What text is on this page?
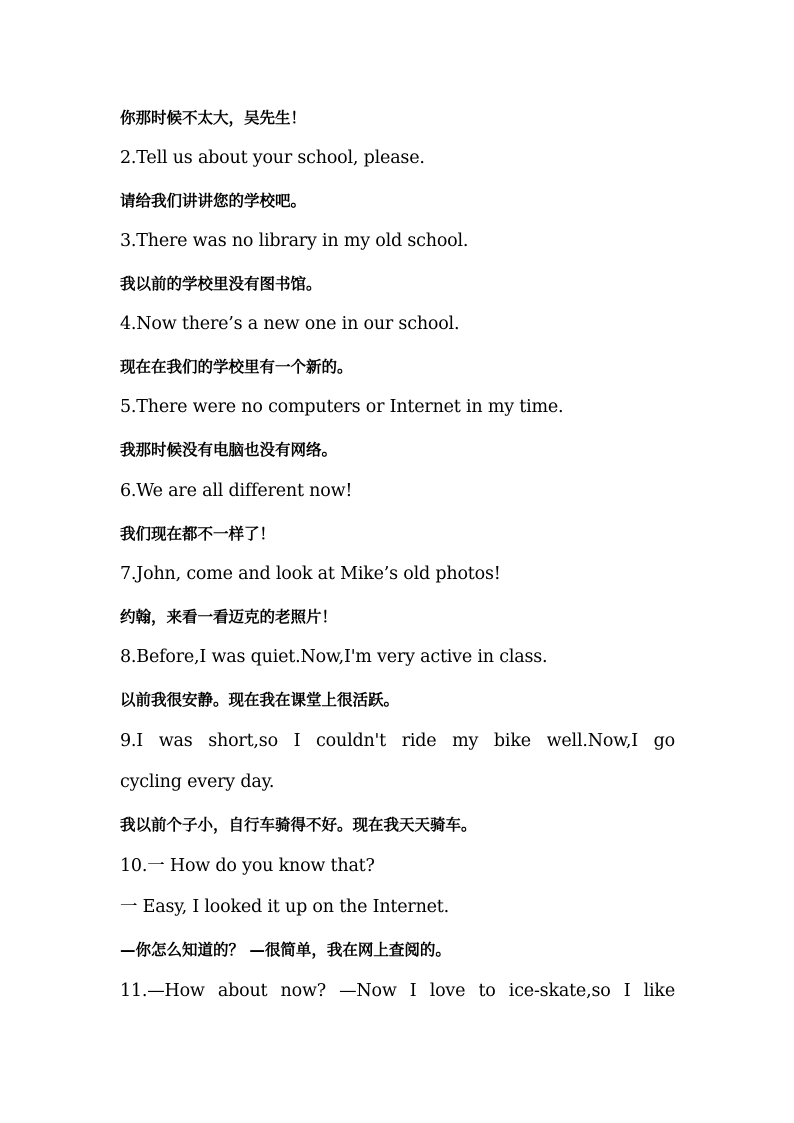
你那时候不太大，吴先生！
2.Tell us about your school, please.
请给我们讲讲您的学校吧。
3.There was no library in my old school.
我以前的学校里没有图书馆。
4.Now there’s a new one in our school.
现在在我们的学校里有一个新的。
5.There were no computers or Internet in my time.
我那时候没有电脑也没有网络。
6.We are all different now!
我们现在都不一样了！
7.John, come and look at Mike’s old photos!
约翰，来看一看迈克的老照片！
8.Before,I was quiet.Now,I'm very active in class.
以前我很安静。现在我在课堂上很活跃。
9.I was short,so I couldn't ride my bike well.Now,I go
cycling every day.
我以前个子小，自行车骑得不好。现在我天天骑车。
10.一 How do you know that?
一 Easy, I looked it up on the Internet.
—你怎么知道的？ —很简单，我在网上查阅的。
11.—How about now? —Now I love to ice-skate,so I like
